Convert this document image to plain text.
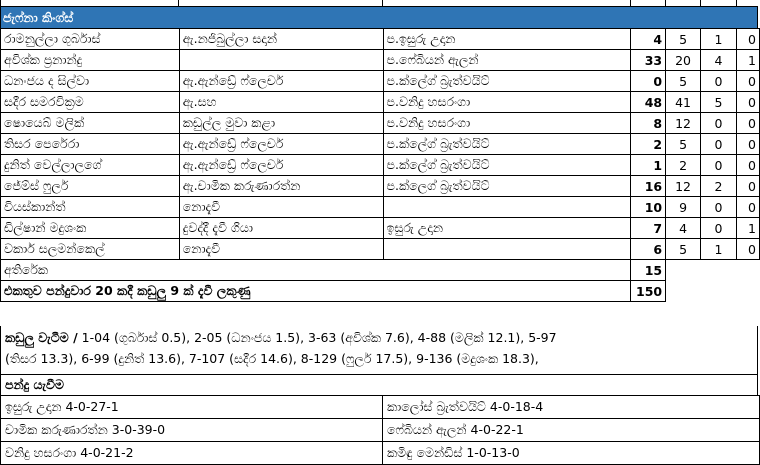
ජැෆ්නා කිංග්ස්
රාමනුල්ලා ගුර්බාස්	ඇ.නජිබුල්ලා සදාන්	ප.ඉසුරු උදාන	4	5	1	0
අවිශ්ක ප්‍රනාන්දු		ප.ෆේබියන් ඇලන්	33	20	4	1
ධනංජය ද සිල්වා	ඇ.ඇන්ඩ්‍රේ ෆ්ලෙචර්	ප.ක්ලේග් බ්‍රැත්වයිට්	0	5	0	0
සදීර සමරවික්‍රම	ඇ.සහ	ප.වනිදු හසරංගා	48	41	5	0
ෂොයෙබ් මලික්	කඩුල්ල මුවා කළා	ප.වනිදු හසරංගා	8	12	0	0
තිසර පෙරේරා	ඇ.ඇන්ඩ්‍රේ ෆ්ලෙචර්	ප.ක්ලේග් බ්‍රැත්වයිට්	2	5	0	0
දුනිත් වෙල්ලාලගේ	ඇ.ඇන්ඩ්‍රේ ෆ්ලෙචර්	ප.ක්ලේග් බ්‍රැත්වයිට්	1	2	0	0
ජේම්ස් ෆුලර්	ඇ.චාමික කරුණාරත්න	ප.ක්ලෙග් බ්‍රැත්වයිට්	16	12	2	0
වියස්කාන්ත්	නොදැවී		10	9	0	0
ඩිල්ෂාන් මදුශංක	දුවද්දී දැවී ගියා	ඉසුරු උදාන	7	4	0	1
වකාර් සලමන්කෙල්	නොදැවී		6	5	1	0
අතිරේක			15			
එකතුව පන්දුවාර 20 කදී කඩුලු 9 ක් දැවී ලකුණු			150			
කඩුලු වැටීම / 1-04 (ගුර්බාස් 0.5), 2-05 (ධනංජය 1.5), 3-63 (අවිශ්ක 7.6), 4-88 (මලික් 12.1), 5-97
(තිසර 13.3), 6-99 (දුනිත් 13.6), 7-107 (සදීර 14.6), 8-129 (ෆුලර් 17.5), 9-136 (මදුශංක 18.3),
පන්දු යැවීම
ඉසුරු උදාන 4-0-27-1	කාලෝස් බ්‍රැත්වයිට් 4-0-18-4
චාමික කරුණාරත්න 3-0-39-0	ෆේබියන් ඇලන් 4-0-22-1
වනිදු හසරංගා 4-0-21-2	කමිඳු මෙන්ඩිස් 1-0-13-0
